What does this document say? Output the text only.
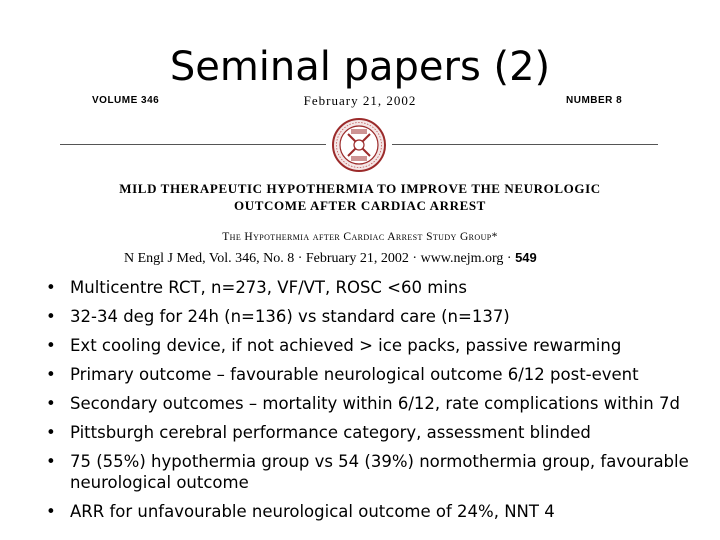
Seminal papers (2)
VOLUME 346	February 21, 2002	NUMBER 8
MILD THERAPEUTIC HYPOTHERMIA TO IMPROVE THE NEUROLOGIC
OUTCOME AFTER CARDIAC ARREST
The Hypothermia after Cardiac Arrest Study Group*
N Engl J Med, Vol. 346, No. 8 · February 21, 2002 · www.nejm.org · 549
• Multicentre RCT, n=273, VF/VT, ROSC <60 mins
• 32-34 deg for 24h (n=136) vs standard care (n=137)
• Ext cooling device, if not achieved > ice packs, passive rewarming
• Primary outcome – favourable neurological outcome 6/12 post-event
• Secondary outcomes – mortality within 6/12, rate complications within 7d
• Pittsburgh cerebral performance category, assessment blinded
• 75 (55%) hypothermia group vs 54 (39%) normothermia group, favourable neurological outcome
• ARR for unfavourable neurological outcome of 24%, NNT 4
